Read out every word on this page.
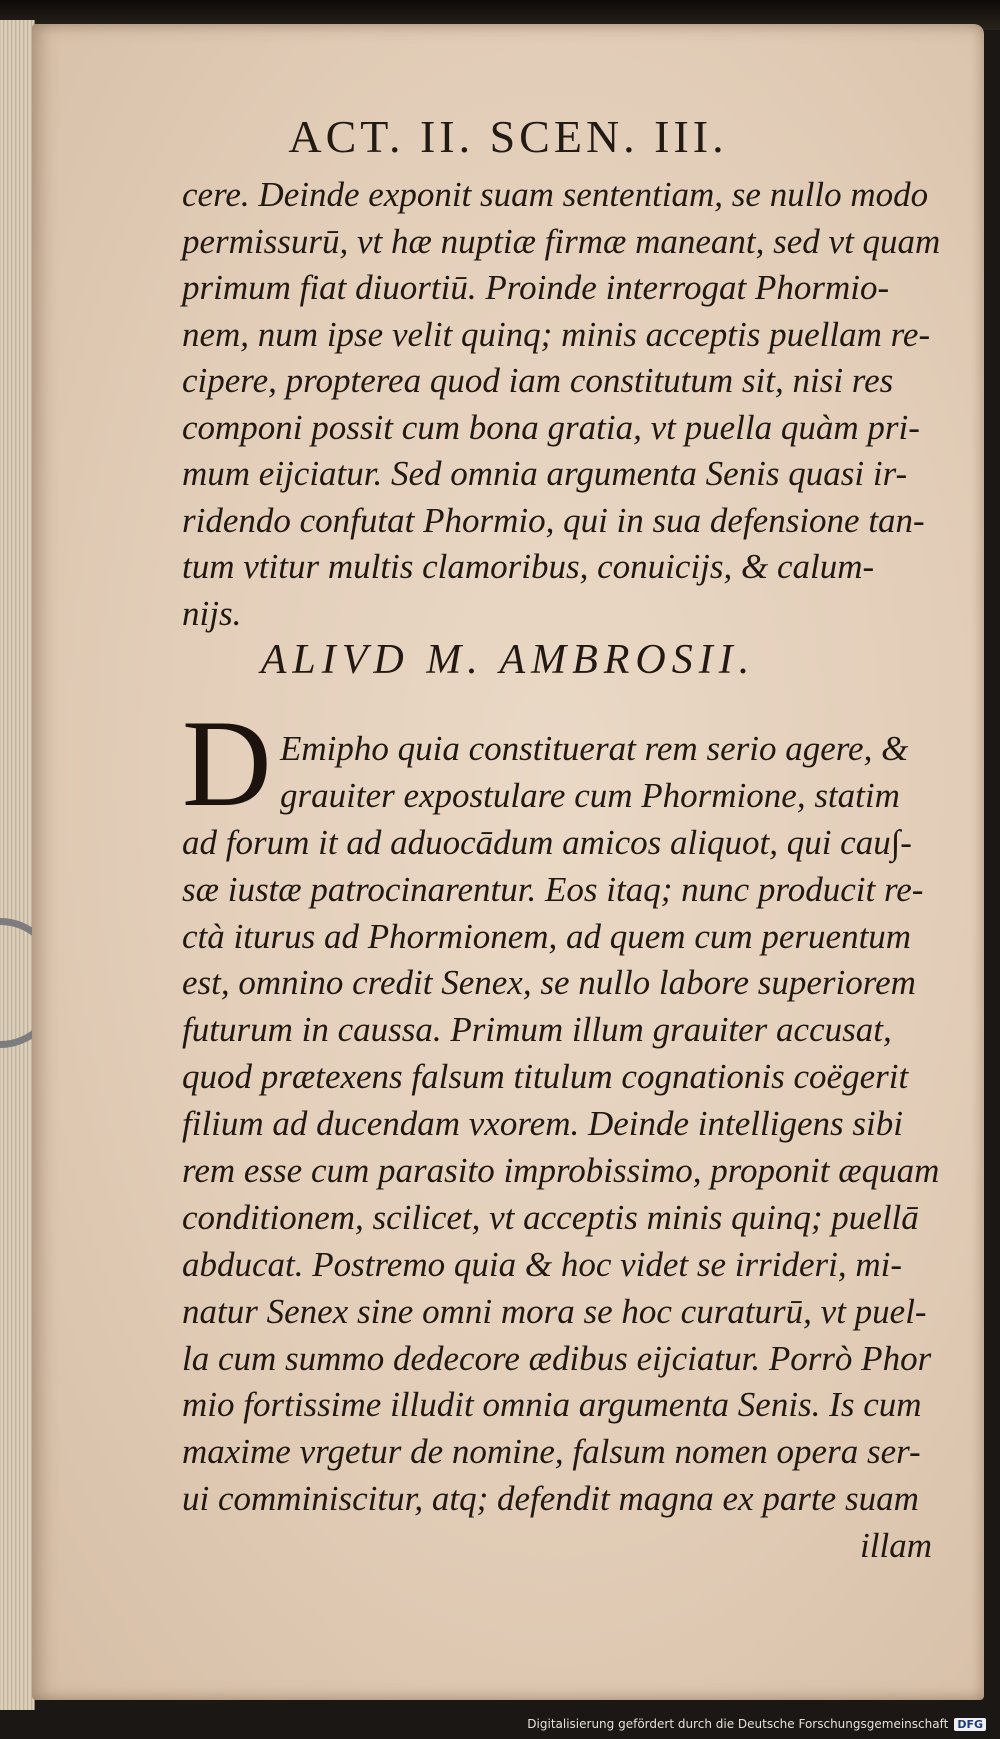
ACT. II. SCEN. III.
cere. Deinde exponit suam sententiam, se nullo modo
permissurū, vt hæ nuptiæ firmæ maneant, sed vt quam
primum fiat diuortiū. Proinde interrogat Phormio-
nem, num ipse velit quinq; minis acceptis puellam re-
cipere, propterea quod iam constitutum sit, nisi res
componi possit cum bona gratia, vt puella quàm pri-
mum eijciatur. Sed omnia argumenta Senis quasi ir-
ridendo confutat Phormio, qui in sua defensione tan-
tum vtitur multis clamoribus, conuicijs, & calum-
nijs.
ALIVD M. AMBROSII.
D Emipho quia constituerat rem serio agere, &
grauiter expostulare cum Phormione, statim
ad forum it ad aduocādum amicos aliquot, qui cau∫-
sæ iustæ patrocinarentur. Eos itaq; nunc producit re-
ctà iturus ad Phormionem, ad quem cum peruentum
est, omnino credit Senex, se nullo labore superiorem
futurum in caussa. Primum illum grauiter accusat,
quod prætexens falsum titulum cognationis coëgerit
filium ad ducendam vxorem. Deinde intelligens sibi
rem esse cum parasito improbissimo, proponit æquam
conditionem, scilicet, vt acceptis minis quinq; puellā
abducat. Postremo quia & hoc videt se irrideri, mi-
natur Senex sine omni mora se hoc curaturū, vt puel-
la cum summo dedecore ædibus eijciatur. Porrò Phor
mio fortissime illudit omnia argumenta Senis. Is cum
maxime vrgetur de nomine, falsum nomen opera ser-
ui comminiscitur, atq; defendit magna ex parte suam
illam
Digitalisierung gefördert durch die Deutsche Forschungsgemeinschaft DFG
